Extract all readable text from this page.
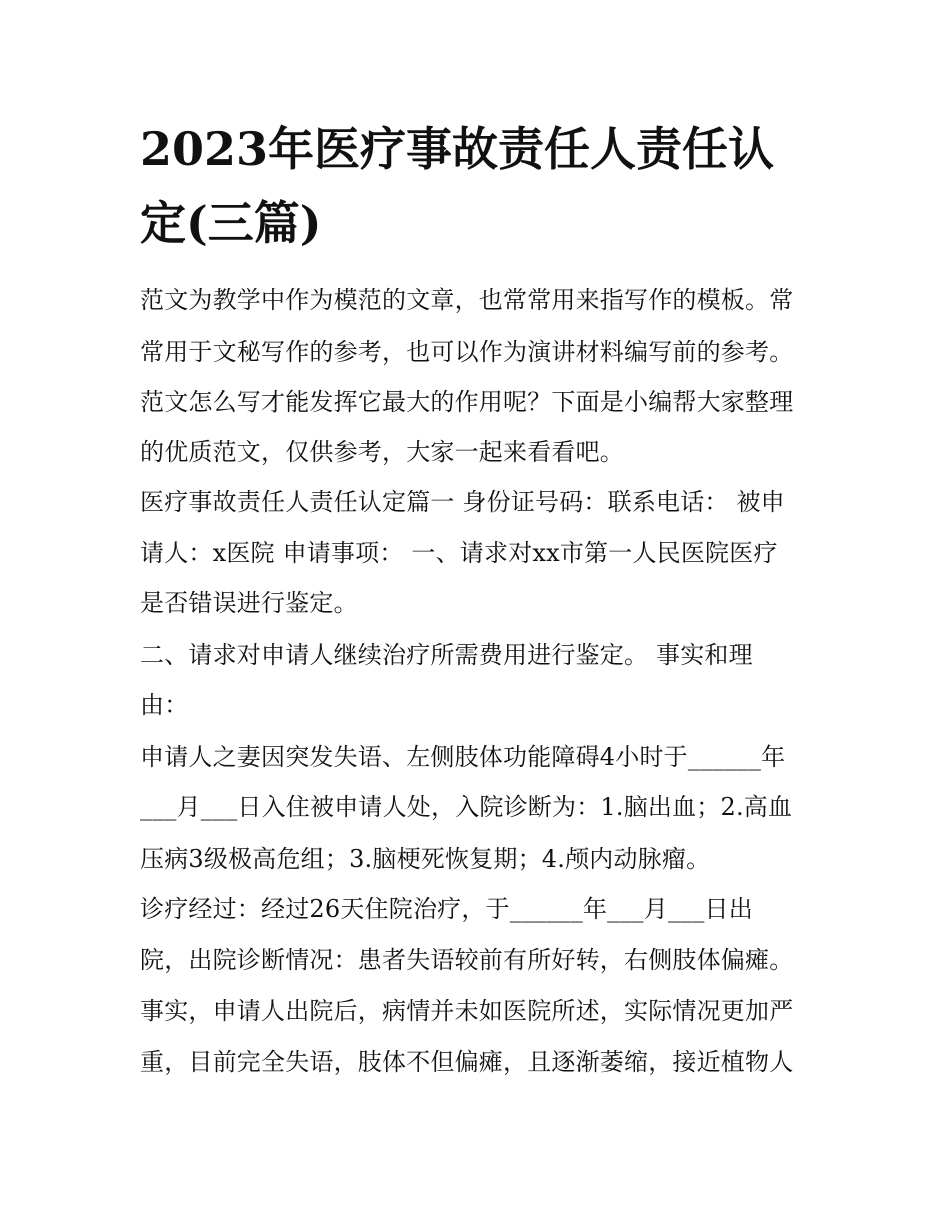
2023年医疗事故责任人责任认
定(三篇)

范文为教学中作为模范的文章，也常常用来指写作的模板。常

常用于文秘写作的参考，也可以作为演讲材料编写前的参考。

范文怎么写才能发挥它最大的作用呢？下面是小编帮大家整理

的优质范文，仅供参考，大家一起来看看吧。

医疗事故责任人责任认定篇一 身份证号码：联系电话： 被申

请人：x医院 申请事项： 一、请求对xx市第一人民医院医疗

是否错误进行鉴定。

二、请求对申请人继续治疗所需费用进行鉴定。 事实和理

由：

申请人之妻因突发失语、左侧肢体功能障碍4小时于______年

___月___日入住被申请人处，入院诊断为：1.脑出血；2.高血

压病3级极高危组；3.脑梗死恢复期；4.颅内动脉瘤。

诊疗经过：经过26天住院治疗，于______年___月___日出

院，出院诊断情况：患者失语较前有所好转，右侧肢体偏瘫。

事实，申请人出院后，病情并未如医院所述，实际情况更加严

重，目前完全失语，肢体不但偏瘫，且逐渐萎缩，接近植物人
